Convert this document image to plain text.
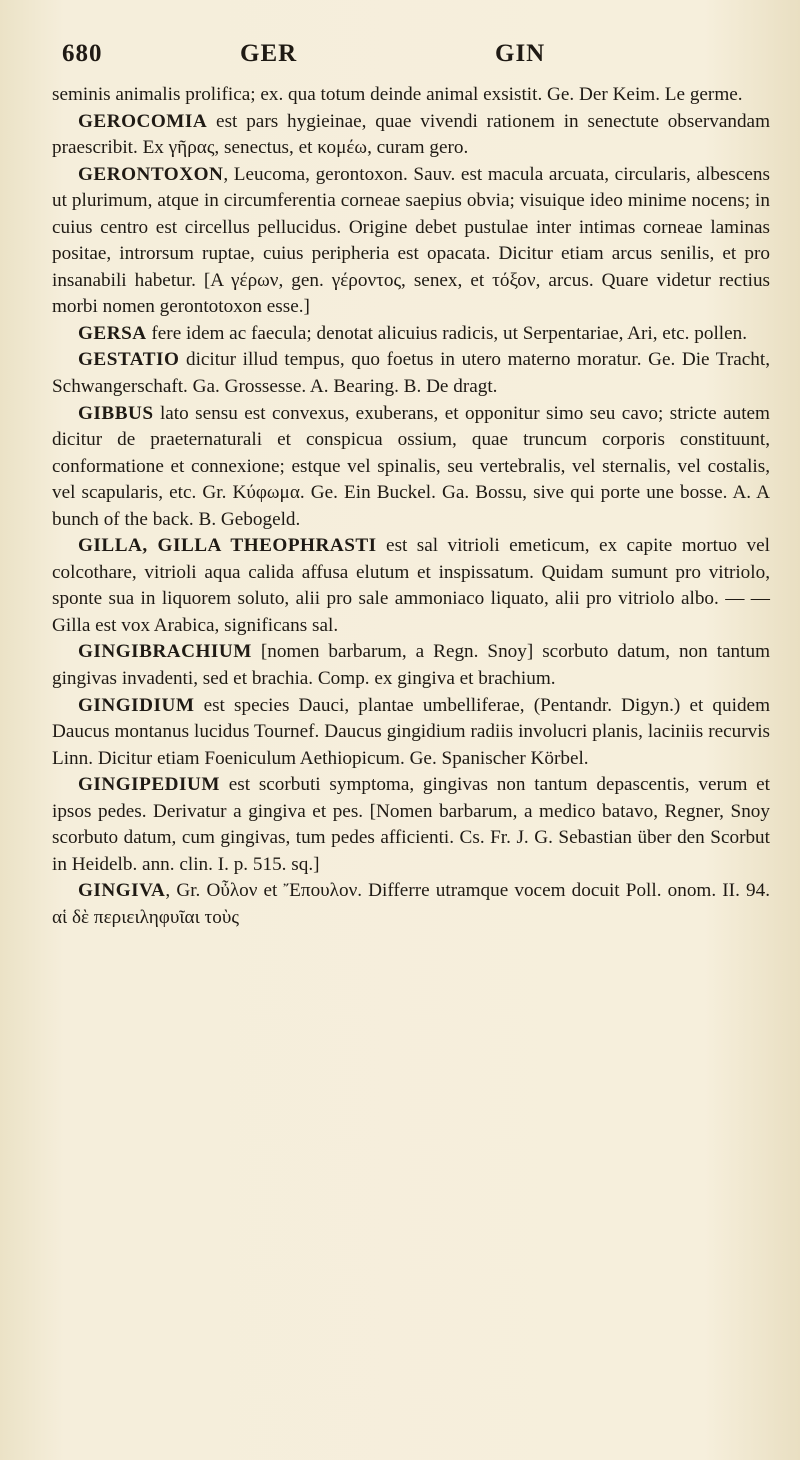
680	GER	GIN

seminis animalis prolifica; ex. qua totum deinde animal exsistit. Ge. Der Keim. Le germe.

GEROCOMIA est pars hygieinae, quae vivendi rationem in senectute observandam praescribit. Ex γῆρας, senectus, et κομέω, curam gero.

GERONTOXON, Leucoma, gerontoxon. Sauv. est macula arcuata, circularis, albescens ut plurimum, atque in circumferentia corneae saepius obvia; visuique ideo minime nocens; in cuius centro est circellus pellucidus. Origine debet pustulae inter intimas corneae laminas positae, introrsum ruptae, cuius peripheria est opacata. Dicitur etiam arcus senilis, et pro insanabili habetur. [A γέρων, gen. γέροντος, senex, et τόξον, arcus. Quare videtur rectius morbi nomen gerontotoxon esse.]

GERSA fere idem ac faecula; denotat alicuius radicis, ut Serpentariae, Ari, etc. pollen.

GESTATIO dicitur illud tempus, quo foetus in utero materno moratur. Ge. Die Tracht, Schwangerschaft. Ga. Grossesse. A. Bearing. B. De dragt.

GIBBUS lato sensu est convexus, exuberans, et opponitur simo seu cavo; stricte autem dicitur de praeternaturali et conspicua ossium, quae truncum corporis constituunt, conformatione et connexione; estque vel spinalis, seu vertebralis, vel sternalis, vel costalis, vel scapularis, etc. Gr. Κύφωμα. Ge. Ein Buckel. Ga. Bossu, sive qui porte une bosse. A. A bunch of the back. B. Gebogeld.

GILLA, GILLA THEOPHRASTI est sal vitrioli emeticum, ex capite mortuo vel colcothare, vitrioli aqua calida affusa elutum et inspissatum. Quidam sumunt pro vitriolo, sponte sua in liquorem soluto, alii pro sale ammoniaco liquato, alii pro vitriolo albo. — — Gilla est vox Arabica, significans sal.

GINGIBRACHIUM [nomen barbarum, a Regn. Snoy] scorbuto datum, non tantum gingivas invadenti, sed et brachia. Comp. ex gingiva et brachium.

GINGIDIUM est species Dauci, plantae umbelliferae, (Pentandr. Digyn.) et quidem Daucus montanus lucidus Tournef. Daucus gingidium radiis involucri planis, laciniis recurvis Linn. Dicitur etiam Foeniculum Aethiopicum. Ge. Spanischer Körbel.

GINGIPEDIUM est scorbuti symptoma, gingivas non tantum depascentis, verum et ipsos pedes. Derivatur a gingiva et pes. [Nomen barbarum, a medico batavo, Regner, Snoy scorbuto datum, cum gingivas, tum pedes afficienti. Cs. Fr. J. G. Sebastian über den Scorbut in Heidelb. ann. clin. I. p. 515. sq.]

GINGIVA, Gr. Οὖλον et Ἔπουλον. Differre utramque vocem docuit Poll. onom. II. 94. αἱ δὲ περιειληφυῖαι τοὺς
